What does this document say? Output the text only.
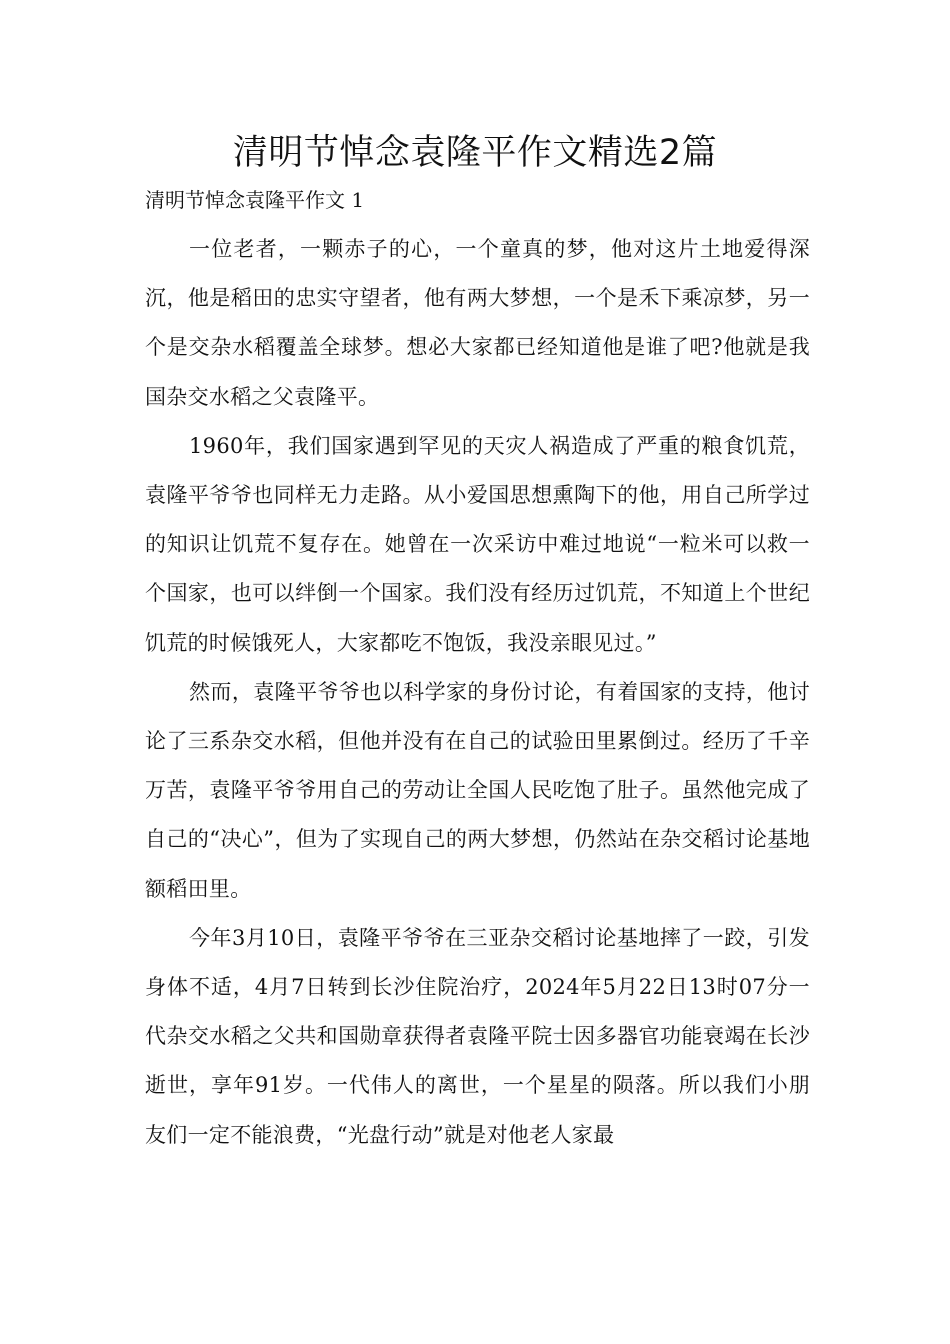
清明节悼念袁隆平作文精选2篇

清明节悼念袁隆平作文 1

一位老者，一颗赤子的心，一个童真的梦，他对这片土地爱得深沉，他是稻田的忠实守望者，他有两大梦想，一个是禾下乘凉梦，另一个是交杂水稻覆盖全球梦。想必大家都已经知道他是谁了吧?他就是我国杂交水稻之父袁隆平。

1960年，我们国家遇到罕见的天灾人祸造成了严重的粮食饥荒，袁隆平爷爷也同样无力走路。从小爱国思想熏陶下的他，用自己所学过的知识让饥荒不复存在。她曾在一次采访中难过地说“一粒米可以救一个国家，也可以绊倒一个国家。我们没有经历过饥荒，不知道上个世纪饥荒的时候饿死人，大家都吃不饱饭，我没亲眼见过。”

然而，袁隆平爷爷也以科学家的身份讨论，有着国家的支持，他讨论了三系杂交水稻，但他并没有在自己的试验田里累倒过。经历了千辛万苦，袁隆平爷爷用自己的劳动让全国人民吃饱了肚子。虽然他完成了自己的“决心”，但为了实现自己的两大梦想，仍然站在杂交稻讨论基地额稻田里。

今年3月10日，袁隆平爷爷在三亚杂交稻讨论基地摔了一跤，引发身体不适，4月7日转到长沙住院治疗，2024年5月22日13时07分一代杂交水稻之父共和国勋章获得者袁隆平院士因多器官功能衰竭在长沙逝世，享年91岁。一代伟人的离世，一个星星的陨落。所以我们小朋友们一定不能浪费，“光盘行动”就是对他老人家最
